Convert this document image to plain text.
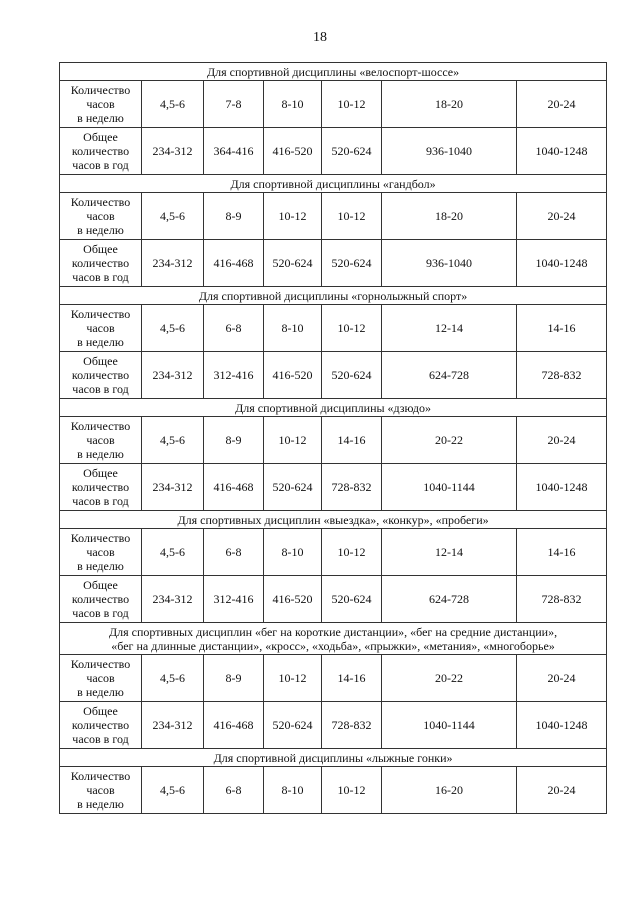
18
Для спортивной дисциплины «велоспорт-шоссе»						
Количество
часов
в неделю	4,5-6	7-8	8-10	10-12	18-20	20-24
Общее
количество
часов в год	234-312	364-416	416-520	520-624	936-1040	1040-1248
Для спортивной дисциплины «гандбол»						
Количество
часов
в неделю	4,5-6	8-9	10-12	10-12	18-20	20-24
Общее
количество
часов в год	234-312	416-468	520-624	520-624	936-1040	1040-1248
Для спортивной дисциплины «горнолыжный спорт»						
Количество
часов
в неделю	4,5-6	6-8	8-10	10-12	12-14	14-16
Общее
количество
часов в год	234-312	312-416	416-520	520-624	624-728	728-832
Для спортивной дисциплины «дзюдо»						
Количество
часов
в неделю	4,5-6	8-9	10-12	14-16	20-22	20-24
Общее
количество
часов в год	234-312	416-468	520-624	728-832	1040-1144	1040-1248
Для спортивных дисциплин «выездка», «конкур», «пробеги»						
Количество
часов
в неделю	4,5-6	6-8	8-10	10-12	12-14	14-16
Общее
количество
часов в год	234-312	312-416	416-520	520-624	624-728	728-832
Для спортивных дисциплин «бег на короткие дистанции», «бег на средние дистанции»,
«бег на длинные дистанции», «кросс», «ходьба», «прыжки», «метания», «многоборье»						
Количество
часов
в неделю	4,5-6	8-9	10-12	14-16	20-22	20-24
Общее
количество
часов в год	234-312	416-468	520-624	728-832	1040-1144	1040-1248
Для спортивной дисциплины «лыжные гонки»						
Количество
часов
в неделю	4,5-6	6-8	8-10	10-12	16-20	20-24
